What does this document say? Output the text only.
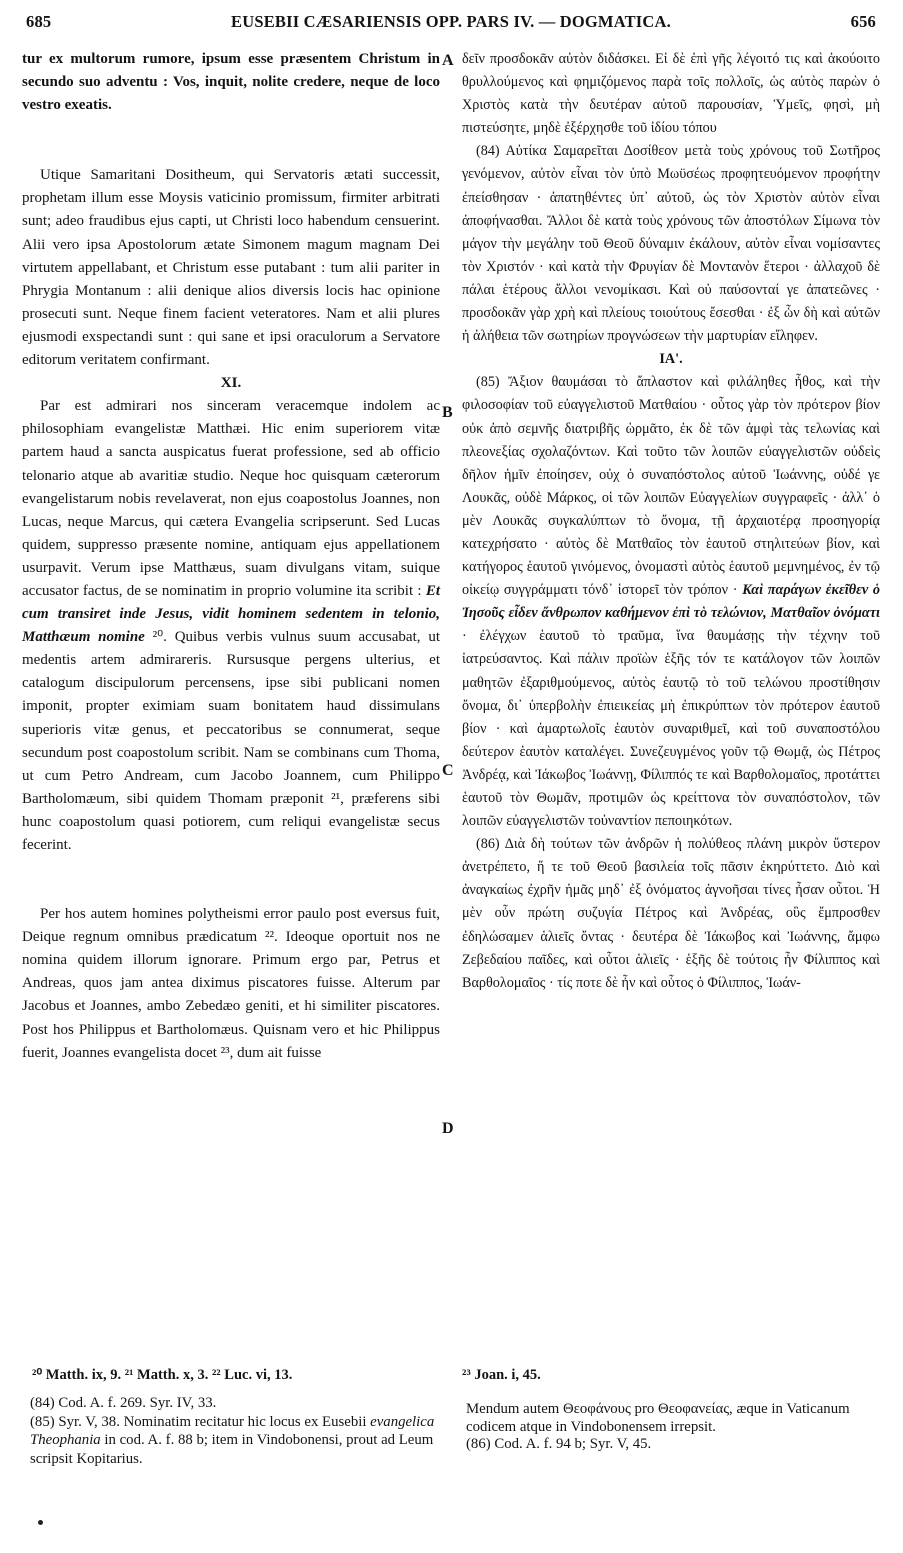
685	EUSEBII CÆSARIENSIS OPP. PARS IV. — DOGMATICA.	656

tur ex multorum rumore, ipsum esse præsentem Christum in secundo suo adventu : Vos, inquit, nolite credere, neque de loco vestro exeatis.

Utique Samaritani Dositheum, qui Servatoris ætati successit, prophetam illum esse Moysis vaticinio promissum, firmiter arbitrati sunt; adeo fraudibus ejus capti, ut Christi loco habendum censuerint. Alii vero ipsa Apostolorum ætate Simonem magum magnam Dei virtutem appellabant, et Christum esse putabant : tum alii pariter in Phrygia Montanum : alii denique alios diversis locis hac opinione prosecuti sunt. Neque finem facient veteratores. Nam et alii plures ejusmodi exspectandi sunt : qui sane et ipsi oraculorum a Servatore editorum veritatem confirmant.

XI.

Par est admirari nos sinceram veracemque indolem ac philosophiam evangelistæ Matthæi. Hic enim superiorem vitæ partem haud a sancta auspicatus fuerat professione, sed ab officio telonario atque ab avaritiæ studio. Neque hoc quisquam cæterorum evangelistarum nobis revelaverat, non ejus coapostolus Joannes, non Lucas, neque Marcus, qui cætera Evangelia scripserunt. Sed Lucas quidem, suppresso præsente nomine, antiquam ejus appellationem usurpavit. Verum ipse Matthæus, suam divulgans vitam, suique accusator factus, de se nominatim in proprio volumine ita scribit : Et cum transiret inde Jesus, vidit hominem sedentem in telonio, Matthæum nomine ²⁰. Quibus verbis vulnus suum accusabat, ut medentis artem admirareris. Rursusque pergens ulterius, et catalogum discipulorum percensens, ipse sibi publicani nomen imponit, propter eximiam suam bonitatem haud dissimulans superioris vitæ genus, et peccatoribus se connumerat, seque secundum post coapostolum scribit. Nam se combinans cum Thoma, ut cum Petro Andream, cum Jacobo Joannem, cum Philippo Bartholomæum, sibi quidem Thomam præponit ²¹, præferens sibi hunc coapostolum quasi potiorem, cum reliqui evangelistæ secus fecerint.

Per hos autem homines polytheismi error paulo post eversus fuit, Deique regnum omnibus prædicatum ²². Ideoque oportuit nos ne nomina quidem illorum ignorare. Primum ergo par, Petrus et Andreas, quos jam antea diximus piscatores fuisse. Alterum par Jacobus et Joannes, ambo Zebedæo geniti, et hi similiter piscatores. Post hos Philippus et Bartholomæus. Quisnam vero et hic Philippus fuerit, Joannes evangelista docet ²³, dum ait fuisse

A
B
C
D

δεῖν προσδοκᾶν αὐτὸν διδάσκει. Εἰ δὲ ἐπὶ γῆς λέγοιτό τις καὶ ἀκούοιτο θρυλλούμενος καὶ φημιζόμενος παρὰ τοῖς πολλοῖς, ὡς αὐτὸς παρὼν ὁ Χριστὸς κατὰ τὴν δευτέραν αὐτοῦ παρουσίαν, Ὑμεῖς, φησὶ, μὴ πιστεύσητε, μηδὲ ἐξέρχησθε τοῦ ἰδίου τόπου

(84) Αὐτίκα Σαμαρεῖται Δοσίθεον μετὰ τοὺς χρόνους τοῦ Σωτῆρος γενόμενον, αὐτὸν εἶναι τὸν ὑπὸ Μωϋσέως προφητευόμενον προφήτην ἐπείσθησαν · ἀπατηθέντες ὑπ᾽ αὐτοῦ, ὡς τὸν Χριστὸν αὐτὸν εἶναι ἀποφήνασθαι. Ἄλλοι δὲ κατὰ τοὺς χρόνους τῶν ἀποστόλων Σίμωνα τὸν μάγον τὴν μεγάλην τοῦ Θεοῦ δύναμιν ἐκάλουν, αὐτὸν εἶναι νομίσαντες τὸν Χριστόν · καὶ κατὰ τὴν Φρυγίαν δὲ Μοντανὸν ἕτεροι · ἀλλαχοῦ δὲ πάλαι ἑτέρους ἄλλοι νενομίκασι. Καὶ οὐ παύσονταί γε ἀπατεῶνες · προσδοκᾶν γὰρ χρὴ καὶ πλείους τοιούτους ἔσεσθαι · ἐξ ὧν δὴ καὶ αὐτῶν ἡ ἀλήθεια τῶν σωτηρίων προγνώσεων τὴν μαρτυρίαν εἴληφεν.

ΙΑ'.

(85) Ἄξιον θαυμάσαι τὸ ἄπλαστον καὶ φιλάληθες ἦθος, καὶ τὴν φιλοσοφίαν τοῦ εὐαγγελιστοῦ Ματθαίου · οὗτος γὰρ τὸν πρότερον βίον οὐκ ἀπὸ σεμνῆς διατριβῆς ὡρμᾶτο, ἐκ δὲ τῶν ἀμφὶ τὰς τελωνίας καὶ πλεονεξίας σχολαζόντων. Καὶ τοῦτο τῶν λοιπῶν εὐαγγελιστῶν οὐδεὶς δῆλον ἡμῖν ἐποίησεν, οὐχ ὁ συναπόστολος αὐτοῦ Ἰωάννης, οὐδέ γε Λουκᾶς, οὐδὲ Μάρκος, οἱ τῶν λοιπῶν Εὐαγγελίων συγγραφεῖς · ἀλλ᾽ ὁ μὲν Λουκᾶς συγκαλύπτων τὸ ὄνομα, τῇ ἀρχαιοτέρᾳ προσηγορίᾳ κατεχρήσατο · αὐτὸς δὲ Ματθαῖος τὸν ἑαυτοῦ στηλιτεύων βίον, καὶ κατήγορος ἑαυτοῦ γινόμενος, ὀνομαστὶ αὐτὸς ἑαυτοῦ μεμνημένος, ἐν τῷ οἰκείῳ συγγράμματι τόνδ᾽ ἱστορεῖ τὸν τρόπον · Καὶ παράγων ἐκεῖθεν ὁ Ἰησοῦς εἶδεν ἄνθρωπον καθήμενον ἐπὶ τὸ τελώνιον, Ματθαῖον ὀνόματι · ἐλέγχων ἑαυτοῦ τὸ τραῦμα, ἵνα θαυμάσῃς τὴν τέχνην τοῦ ἰατρεύσαντος. Καὶ πάλιν προϊὼν ἑξῆς τόν τε κατάλογον τῶν λοιπῶν μαθητῶν ἐξαριθμούμενος, αὐτὸς ἑαυτῷ τὸ τοῦ τελώνου προστίθησιν ὄνομα, δι᾽ ὑπερβολὴν ἐπιεικείας μὴ ἐπικρύπτων τὸν πρότερον ἑαυτοῦ βίον · καὶ ἁμαρτωλοῖς ἑαυτὸν συναριθμεῖ, καὶ τοῦ συναποστόλου δεύτερον ἑαυτὸν καταλέγει. Συνεζευγμένος γοῦν τῷ Θωμᾷ, ὡς Πέτρος Ἀνδρέᾳ, καὶ Ἰάκωβος Ἰωάννῃ, Φίλιππός τε καὶ Βαρθολομαῖος, προτάττει ἑαυτοῦ τὸν Θωμᾶν, προτιμῶν ὡς κρείττονα τὸν συναπόστολον, τῶν λοιπῶν εὐαγγελιστῶν τοὐναντίον πεποιηκότων.

(86) Διὰ δὴ τούτων τῶν ἀνδρῶν ἡ πολύθεος πλάνη μικρὸν ὕστερον ἀνετρέπετο, ἥ τε τοῦ Θεοῦ βασιλεία τοῖς πᾶσιν ἐκηρύττετο. Διὸ καὶ ἀναγκαίως ἐχρῆν ἡμᾶς μηδ᾽ ἐξ ὀνόματος ἀγνοῆσαι τίνες ἦσαν οὗτοι. Ἡ μὲν οὖν πρώτη συζυγία Πέτρος καὶ Ἀνδρέας, οὓς ἔμπροσθεν ἐδηλώσαμεν ἁλιεῖς ὄντας · δευτέρα δὲ Ἰάκωβος καὶ Ἰωάννης, ἄμφω Ζεβεδαίου παῖδες, καὶ οὗτοι ἁλιεῖς · ἑξῆς δὲ τούτοις ἦν Φίλιππος καὶ Βαρθολομαῖος · τίς ποτε δὲ ἦν καὶ οὗτος ὁ Φίλιππος, Ἰωάν-

²⁰ Matth. ix, 9. ²¹ Matth. x, 3. ²² Luc. vi, 13.
(84) Cod. A. f. 269. Syr. IV, 33.
(85) Syr. V, 38. Nominatim recitatur hic locus ex Eusebii evangelica Theophania in cod. A. f. 88 b; item in Vindobonensi, prout ad Leum scripsit Kopitarius.
²³ Joan. i, 45.
Mendum autem Θεοφάνους pro Θεοφανείας, æque in Vaticanum codicem atque in Vindobonensem irrepsit.
(86) Cod. A. f. 94 b; Syr. V, 45.
